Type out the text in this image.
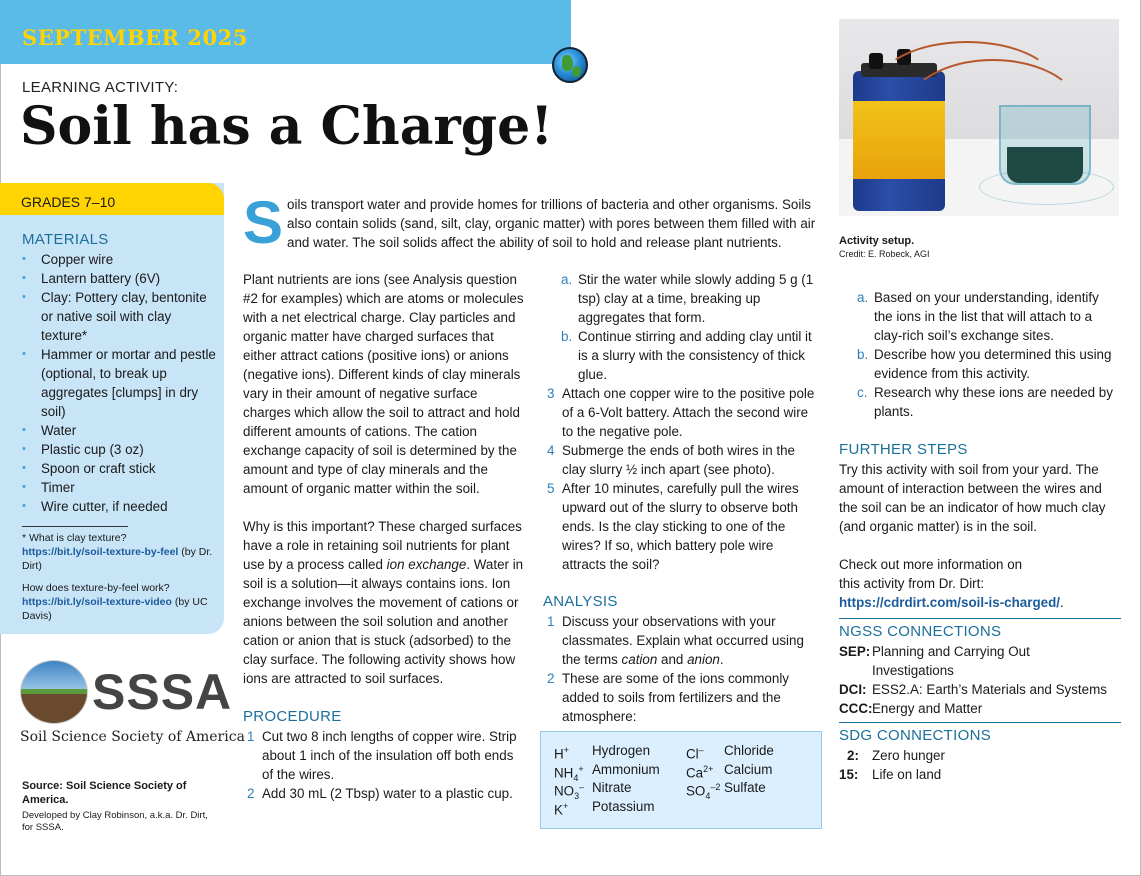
SEPTEMBER 2025
LEARNING ACTIVITY:
Soil has a Charge!
GRADES 7–10
MATERIALS
• Copper wire
• Lantern battery (6V)
• Clay: Pottery clay, bentonite or native soil with clay texture*
• Hammer or mortar and pestle (optional, to break up aggregates [clumps] in dry soil)
• Water
• Plastic cup (3 oz)
• Spoon or craft stick
• Timer
• Wire cutter, if needed
* What is clay texture?
https://bit.ly/soil-texture-by-feel (by Dr. Dirt)
How does texture-by-feel work?
https://bit.ly/soil-texture-video (by UC Davis)
SSSA
Soil Science Society of America
Source: Soil Science Society of America.
Developed by Clay Robinson, a.k.a. Dr. Dirt, for SSSA.
Soils transport water and provide homes for trillions of bacteria and other organisms. Soils also contain solids (sand, silt, clay, organic matter) with pores between them filled with air and water. The soil solids affect the ability of soil to hold and release plant nutrients.

Plant nutrients are ions (see Analysis question #2 for examples) which are atoms or molecules with a net electrical charge. Clay particles and organic matter have charged surfaces that either attract cations (positive ions) or anions (negative ions). Different kinds of clay minerals vary in their amount of negative surface charges which allow the soil to attract and hold different amounts of cations. The cation exchange capacity of soil is determined by the amount and type of clay minerals and the amount of organic matter within the soil.

Why is this important? These charged surfaces have a role in retaining soil nutrients for plant use by a process called ion exchange. Water in soil is a solution—it always contains ions. Ion exchange involves the movement of cations or anions between the soil solution and another cation or anion that is stuck (adsorbed) to the clay surface. The following activity shows how ions are attracted to soil surfaces.

PROCEDURE
1 Cut two 8 inch lengths of copper wire. Strip about 1 inch of the insulation off both ends of the wires.
2 Add 30 mL (2 Tbsp) water to a plastic cup.
a. Stir the water while slowly adding 5 g (1 tsp) clay at a time, breaking up aggregates that form.
b. Continue stirring and adding clay until it is a slurry with the consistency of thick glue.
3 Attach one copper wire to the positive pole of a 6-Volt battery. Attach the second wire to the negative pole.
4 Submerge the ends of both wires in the clay slurry ½ inch apart (see photo).
5 After 10 minutes, carefully pull the wires upward out of the slurry to observe both ends. Is the clay sticking to one of the wires? If so, which battery pole wire attracts the soil?
ANALYSIS
1 Discuss your observations with your classmates. Explain what occurred using the terms cation and anion.
2 These are some of the ions commonly added to soils from fertilizers and the atmosphere:
H+ Hydrogen
$NH_4^+$ Ammonium
$NO_3^-$ Nitrate
K+ Potassium
Cl– Chloride
$Ca^{2+}$ Calcium
$SO_4^{-2}$ Sulfate
Activity setup.
Credit: E. Robeck, AGI
a. Based on your understanding, identify the ions in the list that will attach to a clay-rich soil’s exchange sites.
b. Describe how you determined this using evidence from this activity.
c. Research why these ions are needed by plants.
FURTHER STEPS

Try this activity with soil from your yard. The amount of interaction between the wires and the soil can be an indicator of how much clay (and organic matter) is in the soil.

Check out more information on this activity from Dr. Dirt:
https://cdrdirt.com/soil-is-charged/.
NGSS CONNECTIONS
SEP: Planning and Carrying Out Investigations
DCI: ESS2.A: Earth’s Materials and Systems
CCC: Energy and Matter
SDG CONNECTIONS
2: Zero hunger
15: Life on land
